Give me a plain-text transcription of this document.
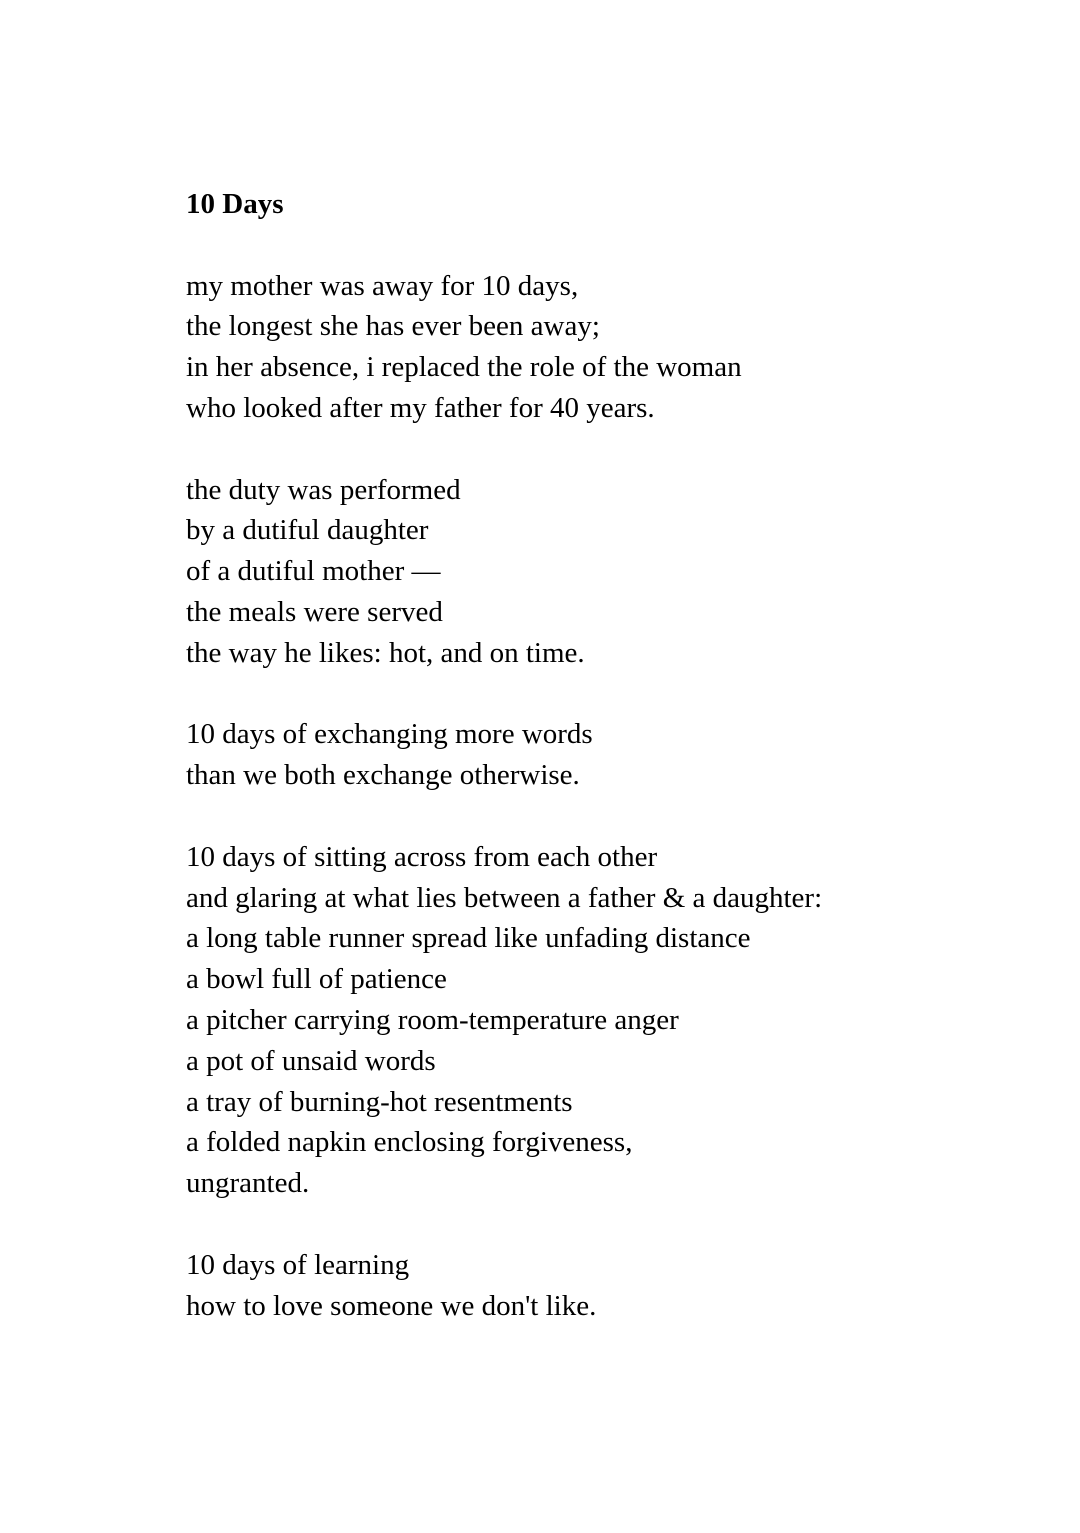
10 Days
my mother was away for 10 days,
the longest she has ever been away;
in her absence, i replaced the role of the woman
who looked after my father for 40 years.
the duty was performed
by a dutiful daughter
of a dutiful mother —
the meals were served
the way he likes: hot, and on time.
10 days of exchanging more words
than we both exchange otherwise.
10 days of sitting across from each other
and glaring at what lies between a father & a daughter:
a long table runner spread like unfading distance
a bowl full of patience
a pitcher carrying room-temperature anger
a pot of unsaid words
a tray of burning-hot resentments
a folded napkin enclosing forgiveness,
ungranted.
10 days of learning
how to love someone we don't like.
